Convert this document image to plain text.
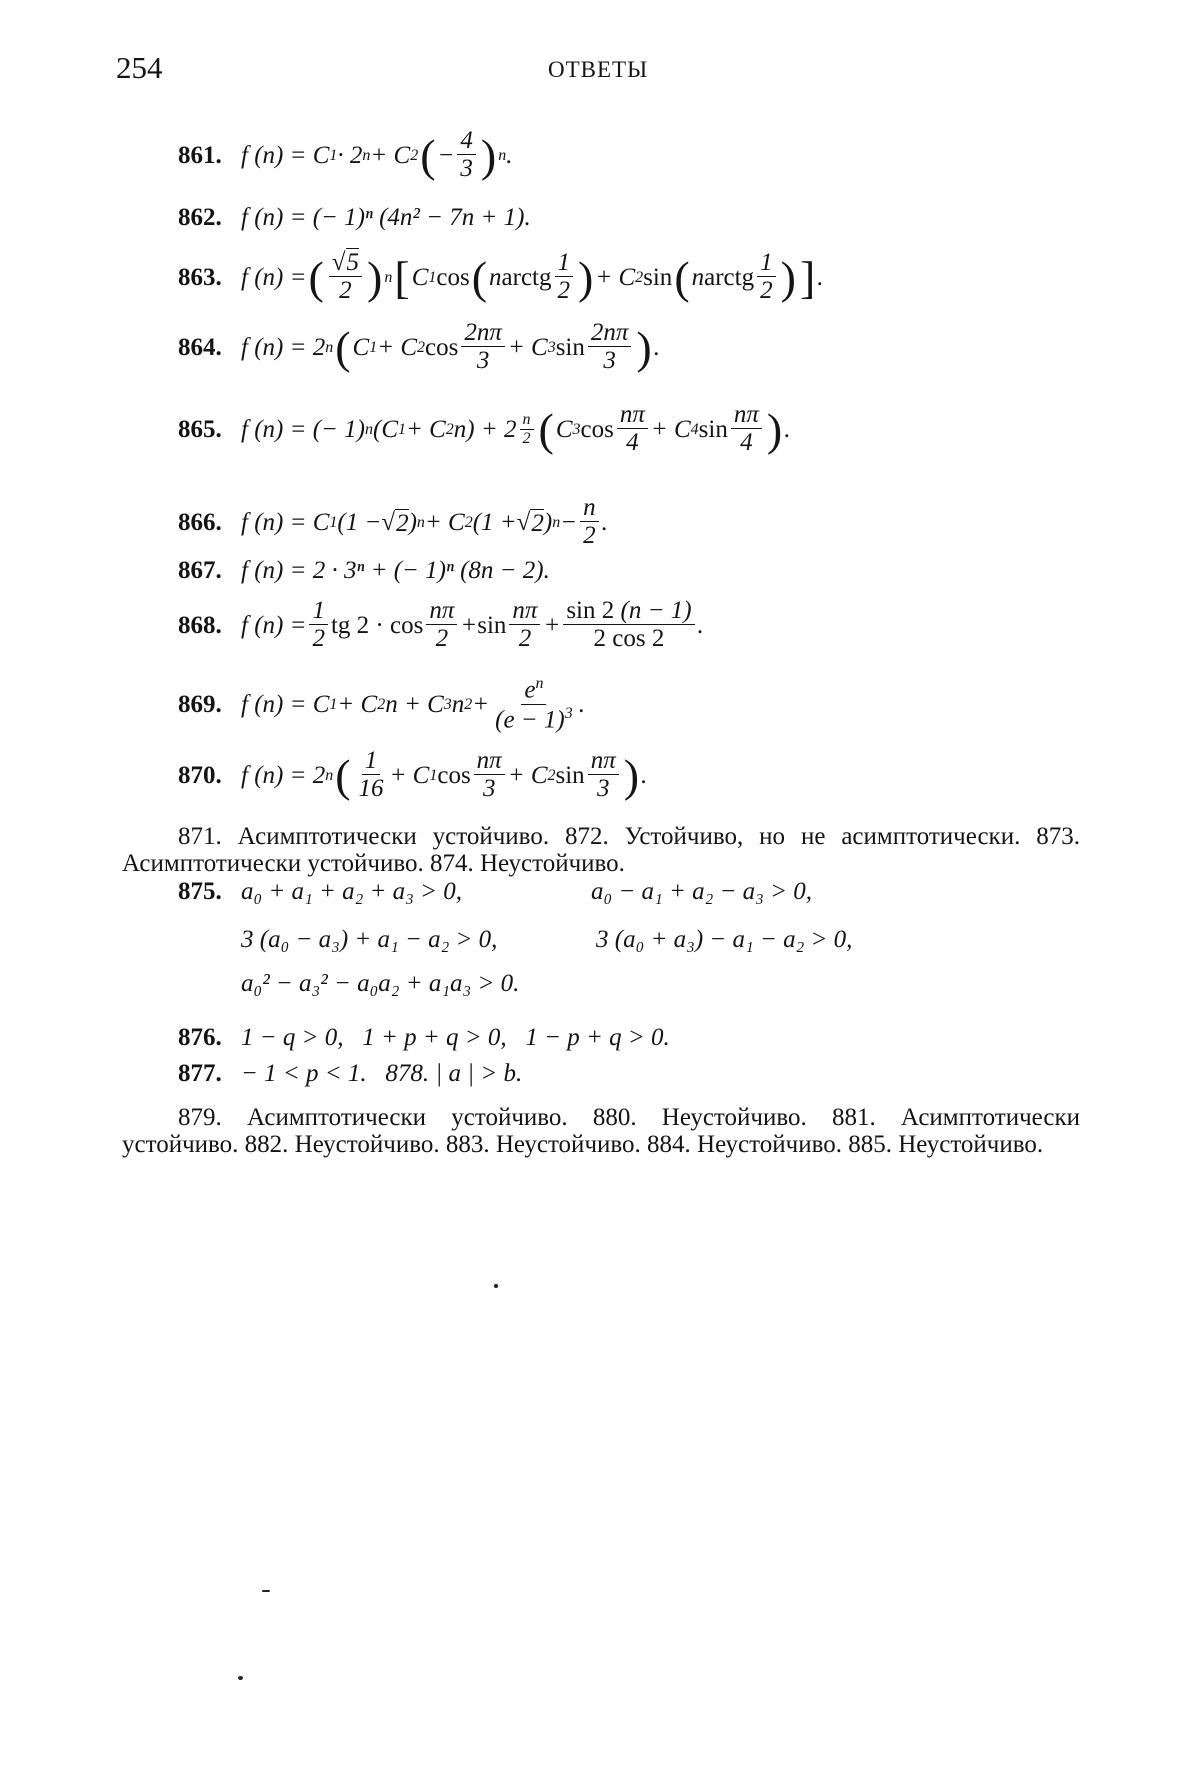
254	ОТВЕТЫ
861. f (n) = C 1 · 2 n + C 2 ( − $\frac{4}{3}$ ) n .
862. f (n) = (− 1)ⁿ (4n² − 7n + 1).
863. f (n) = ( $\frac{√5}{2}$ ) n [ C 1 cos ( n arctg $\frac{1}{2}$ ) + C 2 sin ( n arctg $\frac{1}{2}$ ) ] .
864. f (n) = 2 n ( C 1 + C 2 $\cos \frac{2n\pi}{3} + C$ 3 $\sin \frac{2n\pi}{3}$ ) .
865. f (n) = (− 1) n (C 1 + C 2 $n) + 2 \frac{n}{2}$ ( C 3 $\cos \frac{n\pi}{4} + C$ 4 $\sin \frac{n\pi}{4}$ ) .
866. f (n) = C 1 (1 − √ 2 ) n + C 2 (1 + √ 2 ) $n - \frac{n}{2}$ .
867. f (n) = 2 · 3ⁿ + (− 1)ⁿ (8n − 2).
868. f $(n) = \frac{1}{2}$ tg $2 \cdot \cos \frac{n\pi}{2} + \sin \frac{n\pi}{2} + \frac{\sin 2 (n - 1)}{2 \cos 2}$ .
869. f (n) = C 1 + C 2 n + C 3 n $2 + \frac{e^n}{(e - 1)^3}$ .
870. f (n) = 2 n ( $\frac{1}{16} + C$ 1 $\cos \frac{n\pi}{3} + C$ 2 $\sin \frac{n\pi}{3}$ ) .
871. Асимптотически устойчиво. 872. Устойчиво, но не асимптотически. 873. Асимптотически устойчиво. 874. Неустойчиво.
875. a₀ + a₁ + a₂ + a₃ > 0,	a₀ − a₁ + a₂ − a₃ > 0,
3 (a₀ − a₃) + a₁ − a₂ > 0,	3 (a₀ + a₃) − a₁ − a₂ > 0,
a₀² − a₃² − a₀a₂ + a₁a₃ > 0.
876. 1 − q > 0,   1 + p + q > 0,   1 − p + q > 0.
877. − 1 < p < 1.   878. | a | > b.
879. Асимптотически устойчиво. 880. Неустойчиво. 881. Асимптотически устойчиво. 882. Неустойчиво. 883. Неустойчиво. 884. Неустойчиво. 885. Неустойчиво.
